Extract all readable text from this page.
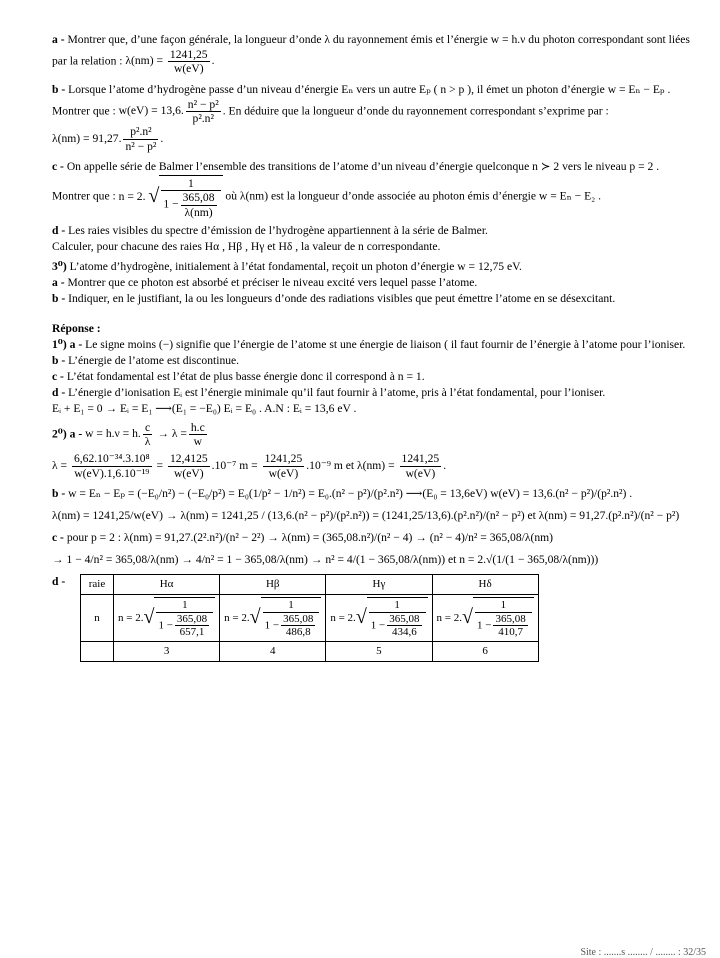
a - Montrer que, d’une façon générale, la longueur d’onde λ du rayonnement émis et l’énergie w = h.ν du photon correspondant sont liées par la relation : $\lambda(nm) = \frac{1241,25}{w(eV)}$ .

b - Lorsque l’atome d’hydrogène passe d’un niveau d’énergie Eₙ vers un autre Eₚ ( n > p ), il émet un photon d’énergie w = Eₙ − Eₚ . Montrer que : w(eV) = 13,6. $\frac{\text{n² − p²}}{\text{p².n²}}$ . En déduire que la longueur d’onde du rayonnement correspondant s’exprime par : λ(nm) = 91,27. $\frac{\text{p².n²}}{\text{n² − p²}}$ .

c - On appelle série de Balmer l’ensemble des transitions de l’atome d’un niveau d’énergie quelconque n ≻ 2 vers le niveau p = 2 . Montrer que : n = 2. √ $\frac{1}{1 - \frac{365,08}{\lambda(nm)}}$ où λ(nm) est la longueur d’onde associée au photon émis d’énergie w = Eₙ − E₂ .

d - Les raies visibles du spectre d’émission de l’hydrogène appartiennent à la série de Balmer.

Calculer, pour chacune des raies Hα , Hβ , Hγ et Hδ , la valeur de n correspondante.

3⁰) L’atome d’hydrogène, initialement à l’état fondamental, reçoit un photon d’énergie w = 12,75 eV.

a - Montrer que ce photon est absorbé et préciser le niveau excité vers lequel passe l’atome.

b - Indiquer, en le justifiant, la ou les longueurs d’onde des radiations visibles que peut émettre l’atome en se désexcitant.

Réponse :

1⁰) a - Le signe moins (−) signifie que l’énergie de l’atome st une énergie de liaison ( il faut fournir de l’énergie à l’atome pour l’ioniser.

b - L’énergie de l’atome est discontinue.

c - L’état fondamental est l’état de plus basse énergie donc il correspond à n = 1.

d - L’énergie d’ionisation Eᵢ est l’énergie minimale qu’il faut fournir à l’atome, pris à l’état fondamental, pour l’ioniser.

Eᵢ + E₁ = 0 → Eᵢ = E₁ ⟶(E₁ = −E₀) Eᵢ = E₀ . A.N : Eᵢ = 13,6 eV .

2⁰) a - w = h.ν = h. $\frac{c}{\lambda} \to \lambda = \frac{h.c}{w}$

$\lambda = \frac{\text{6,62.10⁻³⁴.3.10⁸}}{\text{w(eV).1,6.10⁻¹⁹}} = \frac{12,4125}{w(eV)} .10^{-7}$ $m = \frac{1241,25}{w(eV)} .10^{-9}$ m et $\lambda(nm) = \frac{1241,25}{w(eV)}$ .

b - w = Eₙ − Eₚ = (−E₀/n²) − (−E₀/p²) = E₀(1/p² − 1/n²) = E₀.(n² − p²)/(p².n²) ⟶(E₀ = 13,6eV) w(eV) = 13,6.(n² − p²)/(p².n²) .

λ(nm) = 1241,25/w(eV) → λ(nm) = 1241,25 / (13,6.(n² − p²)/(p².n²)) = (1241,25/13,6).(p².n²)/(n² − p²) et λ(nm) = 91,27.(p².n²)/(n² − p²)

c - pour p = 2 : λ(nm) = 91,27.(2².n²)/(n² − 2²) → λ(nm) = (365,08.n²)/(n² − 4) → (n² − 4)/n² = 365,08/λ(nm)

→ 1 − 4/n² = 365,08/λ(nm) → 4/n² = 1 − 365,08/λ(nm) → n² = 4/(1 − 365,08/λ(nm)) et n = 2.√(1/(1 − 365,08/λ(nm)))

d - raie	Hα	Hβ	Hγ	Hδ
n	$n = 2.√ \frac{1}{1 - \frac{365,08}{657,1}}$	$n = 2.√ \frac{1}{1 - \frac{365,08}{486,8}}$	$n = 2.√ \frac{1}{1 - \frac{365,08}{434,6}}$	$n = 2.√ \frac{1}{1 - \frac{365,08}{410,7}}$

	3	4	5	6
Site : .......s ........ / ........ : 32/35
